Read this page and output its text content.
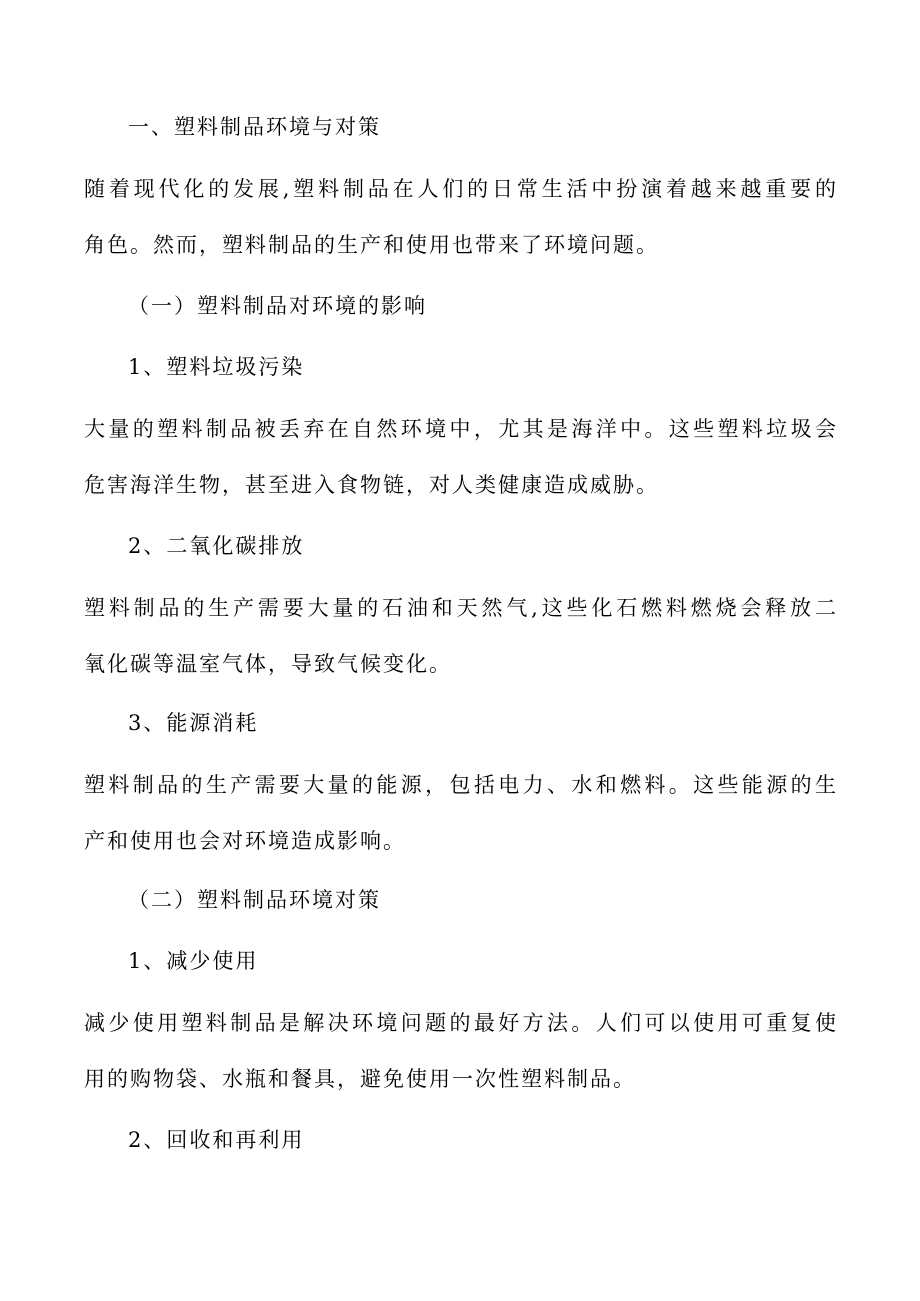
一、塑料制品环境与对策
随着现代化的发展,塑料制品在人们的日常生活中扮演着越来越重要的
角色。然而，塑料制品的生产和使用也带来了环境问题。
（一）塑料制品对环境的影响
1、塑料垃圾污染
大量的塑料制品被丢弃在自然环境中，尤其是海洋中。这些塑料垃圾会
危害海洋生物，甚至进入食物链，对人类健康造成威胁。
2、二氧化碳排放
塑料制品的生产需要大量的石油和天然气,这些化石燃料燃烧会释放二
氧化碳等温室气体，导致气候变化。
3、能源消耗
塑料制品的生产需要大量的能源，包括电力、水和燃料。这些能源的生
产和使用也会对环境造成影响。
（二）塑料制品环境对策
1、减少使用
减少使用塑料制品是解决环境问题的最好方法。人们可以使用可重复使
用的购物袋、水瓶和餐具，避免使用一次性塑料制品。
2、回收和再利用
